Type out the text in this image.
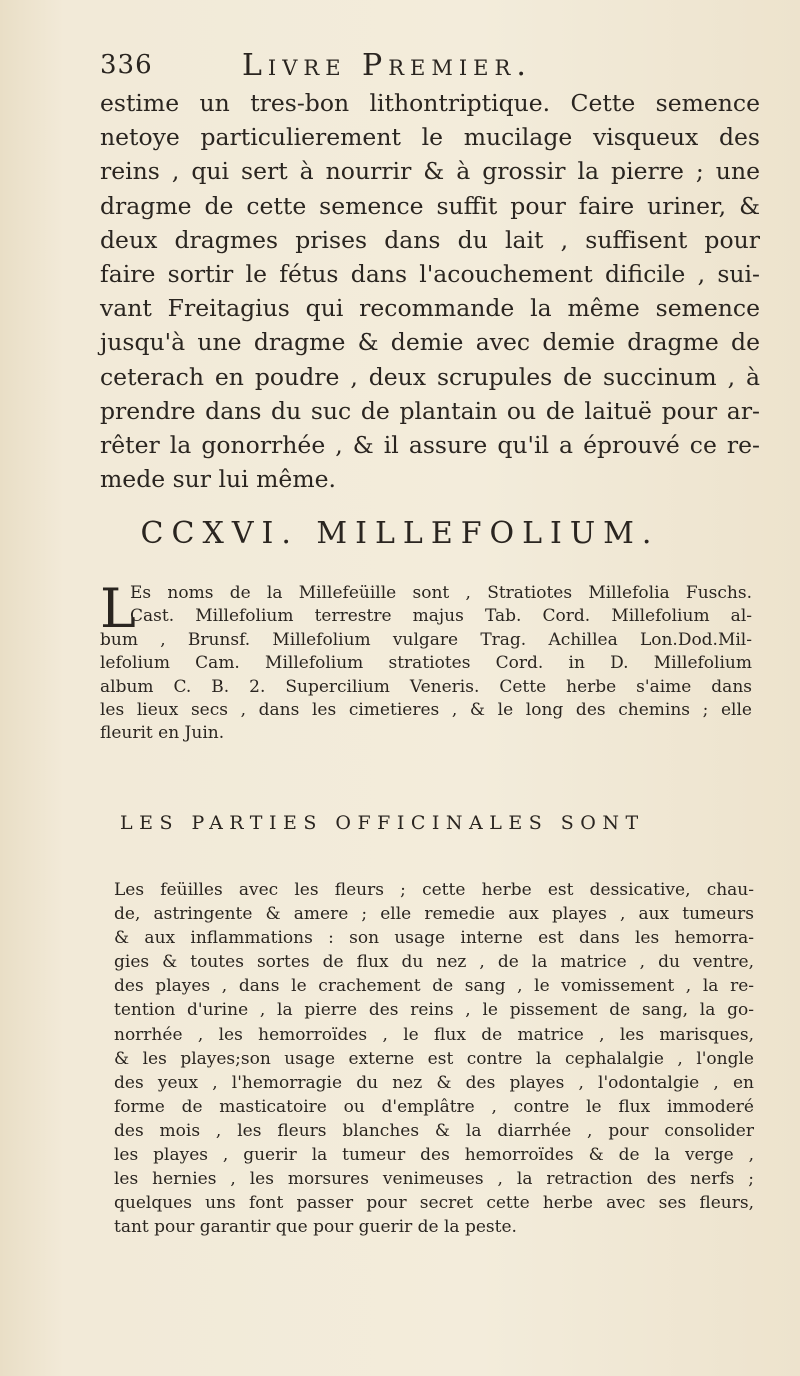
336	Livre Premier.
estime un tres-bon lithontriptique. Cette semence
netoye particulierement le mucilage visqueux des
reins , qui sert à nourrir & à grossir la pierre ; une
dragme de cette semence suffit pour faire uriner, &
deux dragmes prises dans du lait , suffisent pour
faire sortir le fétus dans l'acouchement dificile , sui-
vant Freitagius qui recommande la même semence
jusqu'à une dragme & demie avec demie dragme de
ceterach en poudre , deux scrupules de succinum , à
prendre dans du suc de plantain ou de laituë pour ar-
rêter la gonorrhée , & il assure qu'il a éprouvé ce re-
mede sur lui même.
CCXVI. MILLEFOLIUM.
L
Es noms de la Millefeüille sont , Stratiotes Millefolia Fuschs.
Cast. Millefolium terrestre majus Tab. Cord. Millefolium al-
bum , Brunsf. Millefolium vulgare Trag. Achillea Lon.Dod.Mil-
lefolium Cam. Millefolium stratiotes Cord. in D. Millefolium
album C. B. 2. Supercilium Veneris. Cette herbe s'aime dans
les lieux secs , dans les cimetieres , & le long des chemins ; elle
fleurit en Juin.
LES PARTIES OFFICINALES SONT
Les feüilles avec les fleurs ; cette herbe est dessicative, chau-
de, astringente & amere ; elle remedie aux playes , aux tumeurs
& aux inflammations : son usage interne est dans les hemorra-
gies & toutes sortes de flux du nez , de la matrice , du ventre,
des playes , dans le crachement de sang , le vomissement , la re-
tention d'urine , la pierre des reins , le pissement de sang, la go-
norrhée , les hemorroïdes , le flux de matrice , les marisques,
& les playes;son usage externe est contre la cephalalgie , l'ongle
des yeux , l'hemorragie du nez & des playes , l'odontalgie , en
forme de masticatoire ou d'emplâtre , contre le flux immoderé
des mois , les fleurs blanches & la diarrhée , pour consolider
les playes , guerir la tumeur des hemorroïdes & de la verge ,
les hernies , les morsures venimeuses , la retraction des nerfs ;
quelques uns font passer pour secret cette herbe avec ses fleurs,
tant pour garantir que pour guerir de la peste.
